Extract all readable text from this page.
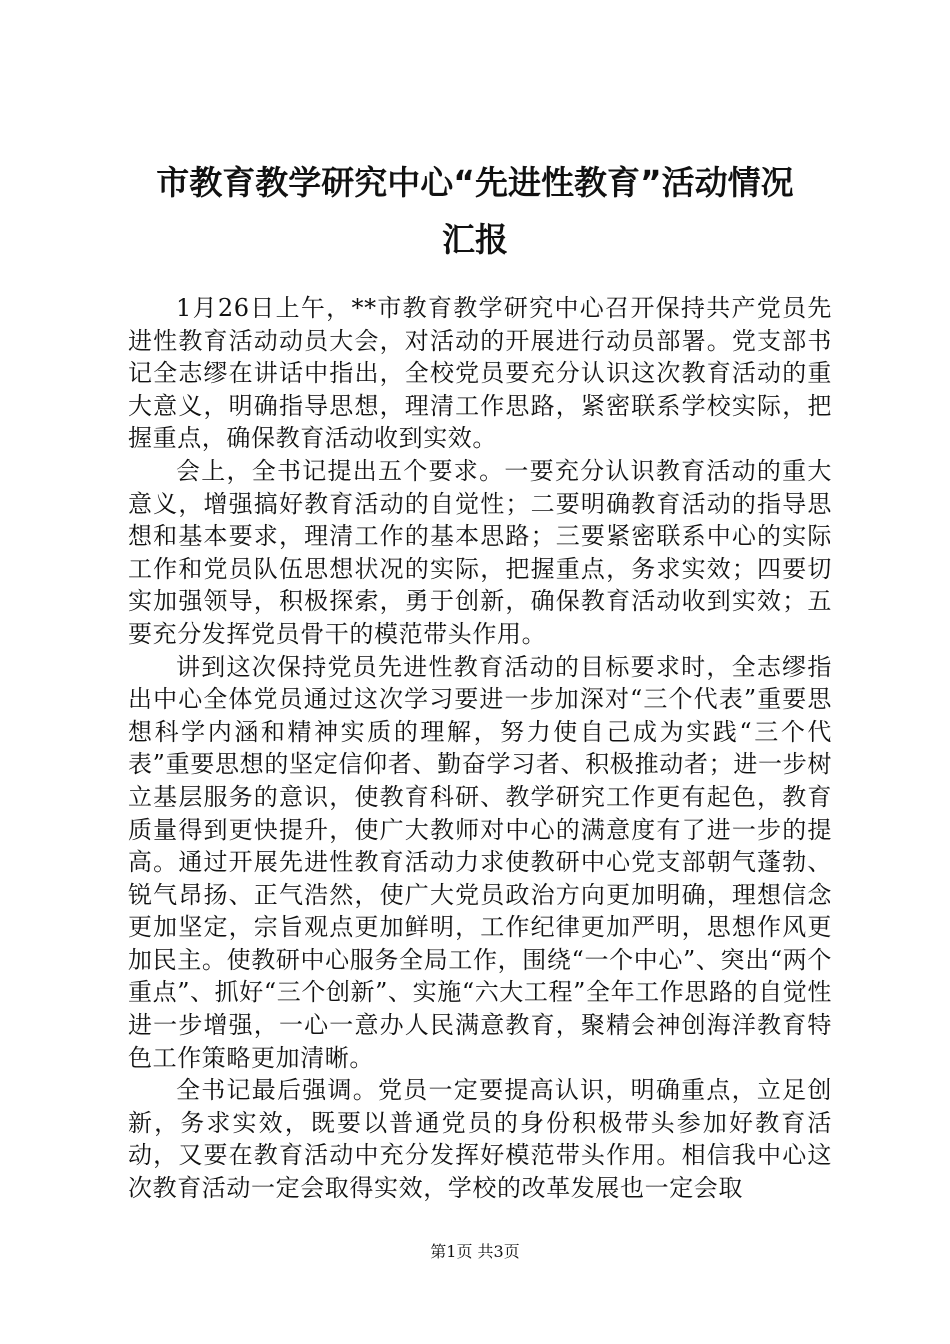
市教育教学研究中心“先进性教育”活动情况
汇报

1月26日上午，**市教育教学研究中心召开保持共产党员先进性教育活动动员大会，对活动的开展进行动员部署。党支部书记全志缪在讲话中指出，全校党员要充分认识这次教育活动的重大意义，明确指导思想，理清工作思路，紧密联系学校实际，把握重点，确保教育活动收到实效。

会上，全书记提出五个要求。一要充分认识教育活动的重大意义，增强搞好教育活动的自觉性；二要明确教育活动的指导思想和基本要求，理清工作的基本思路；三要紧密联系中心的实际工作和党员队伍思想状况的实际，把握重点，务求实效；四要切实加强领导，积极探索，勇于创新，确保教育活动收到实效；五要充分发挥党员骨干的模范带头作用。

讲到这次保持党员先进性教育活动的目标要求时，全志缪指出中心全体党员通过这次学习要进一步加深对“三个代表”重要思想科学内涵和精神实质的理解，努力使自己成为实践“三个代表”重要思想的坚定信仰者、勤奋学习者、积极推动者；进一步树立基层服务的意识，使教育科研、教学研究工作更有起色，教育质量得到更快提升，使广大教师对中心的满意度有了进一步的提高。通过开展先进性教育活动力求使教研中心党支部朝气蓬勃、锐气昂扬、正气浩然，使广大党员政治方向更加明确，理想信念更加坚定，宗旨观点更加鲜明，工作纪律更加严明，思想作风更加民主。使教研中心服务全局工作，围绕“一个中心”、突出“两个重点”、抓好“三个创新”、实施“六大工程”全年工作思路的自觉性进一步增强，一心一意办人民满意教育，聚精会神创海洋教育特色工作策略更加清晰。

全书记最后强调。党员一定要提高认识，明确重点，立足创新，务求实效，既要以普通党员的身份积极带头参加好教育活动，又要在教育活动中充分发挥好模范带头作用。相信我中心这次教育活动一定会取得实效，学校的改革发展也一定会取

第1页 共3页
